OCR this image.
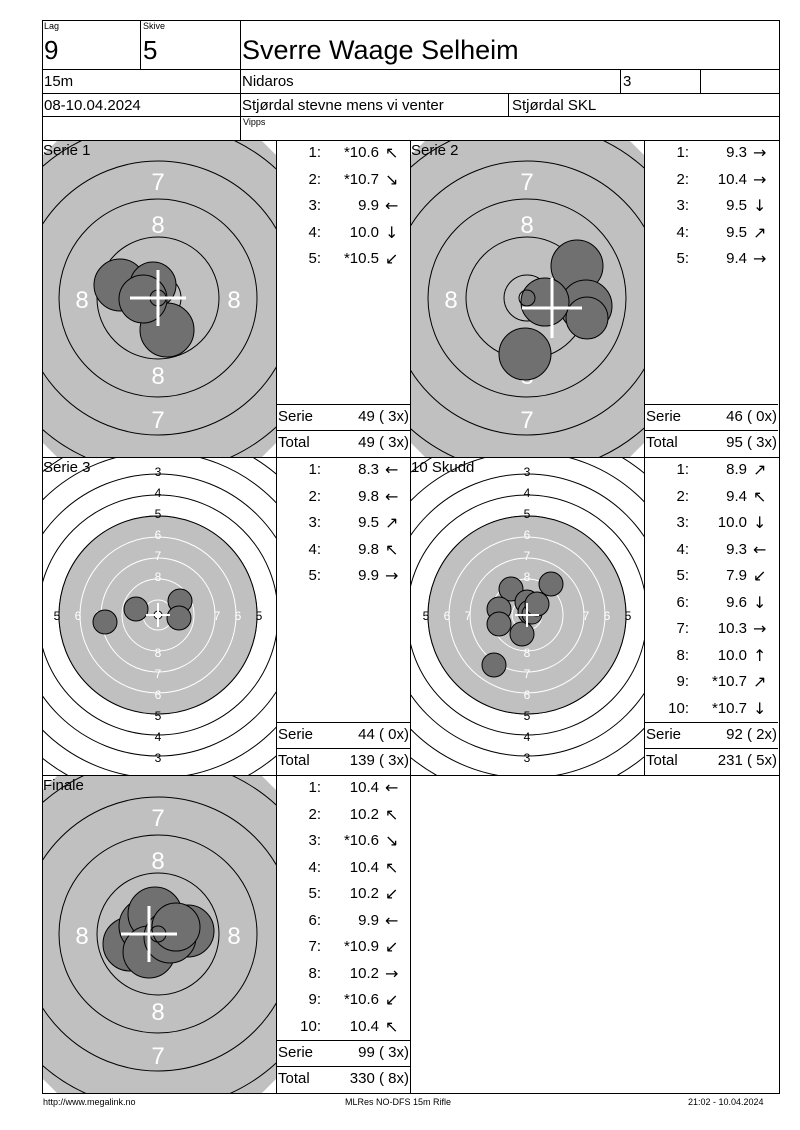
Lag
9
Skive
5	Sverre Waage Selheim
15m	Nidaros	3
08-10.04.2024	Stjørdal stevne mens vi venter	Stjørdal SKL
Vipps
7
8
8
7
8	8
7
8
7
8
3
4
5
6
7
8
8
7
6
5
4
3
5 6	7 6 5
3
4
5
6
7
8
8
7
6
5
4
3
5 6 7	7 6 5
7
8
8
7
8	8
Serie 1	Serie 2
Serie 3	10 Skudd
Finale
1:	*10.6 ↖
2:	*10.7 ↘
3:	9.9 ←
4:	10.0 ↓
5:	*10.5 ↙
Serie	49 ( 3x)
Total	49 ( 3x)
1:	9.3 →
2:	10.4 →
3:	9.5 ↓
4:	9.5 ↗
5:	9.4 →
Serie	46 ( 0x)
Total	95 ( 3x)
1:	8.3 ←
2:	9.8 ←
3:	9.5 ↗
4:	9.8 ↖
5:	9.9 →
Serie	44 ( 0x)
Total	139 ( 3x)
1:	8.9 ↗
2:	9.4 ↖
3:	10.0 ↓
4:	9.3 ←
5:	7.9 ↙
6:	9.6 ↓
7:	10.3 →
8:	10.0 ↑
9:	*10.7 ↗
10:	*10.7 ↓
Serie	92 ( 2x)
Total	231 ( 5x)
1:	10.4 ←
2:	10.2 ↖
3:	*10.6 ↘
4:	10.4 ↖
5:	10.2 ↙
6:	9.9 ←
7:	*10.9 ↙
8:	10.2 →
9:	*10.6 ↙
10:	10.4 ↖
Serie	99 ( 3x)
Total	330 ( 8x)
http://www.megalink.no	MLRes NO-DFS 15m Rifle	21:02 - 10.04.2024
